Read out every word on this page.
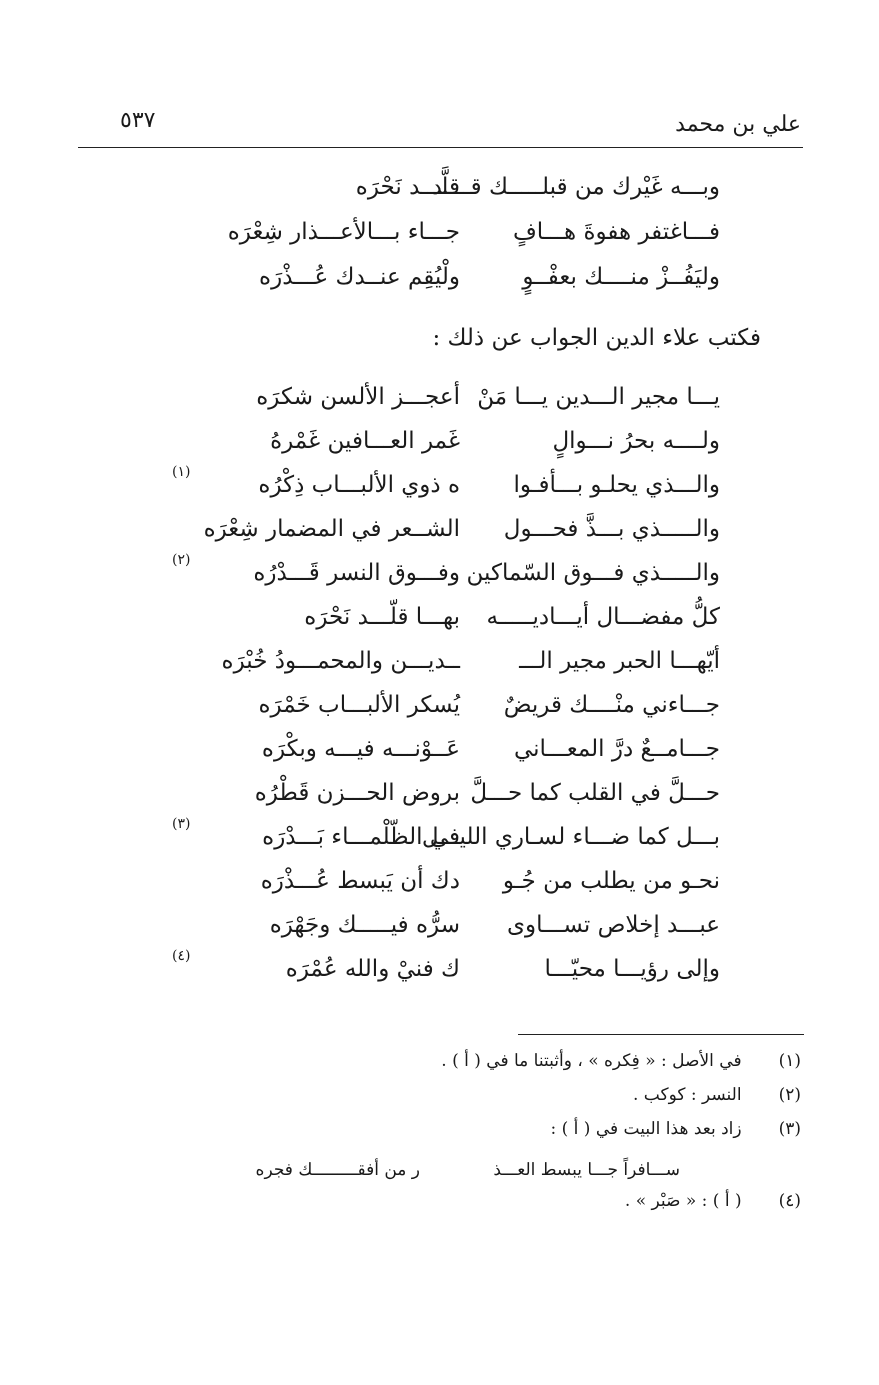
علي بن محمد
٥٣٧
وبـــه غَيْرك من قبلـــــك قــــد
قلَّـــد نَحْرَه
فـــاغتفر هفوةَ هـــافٍ
جـــاء بـــالأعـــذار شِعْرَه
وليَفُــزْ منــــك بعفْــوٍ
ولْيُقِم عنــدك عُـــذْرَه
فكتب علاء الدين الجواب عن ذلك :
يـــا مجير الـــدين يـــا مَنْ
أعجـــز الألسن شكرَه
ولــــه بحرُ نـــوالٍ
غَمر العـــافين غَمْرهُ
والـــذي يحلـو بـــأفـوا
ه ذوي الألبـــاب ذِكْرُه
(١)
والـــــذي بـــذَّ فحـــول
الشــعر في المضمار شِعْرَه
والـــــذي فـــوق السّماكين
وفـــوق النسر قَـــدْرُه
(٢)
كلُّ مفضـــال أيـــاديـــــه
بهـــا قلّـــد نَحْرَه
أيّهـــا الحبر مجير الـــ
ــديـــن والمحمـــودُ خُبْرَه
جـــاءني منْــــك قريضٌ
يُسكر الألبـــاب خَمْرَه
جـــامــعٌ درَّ المعـــاني
عَــوْنـــه فيـــه وبكْرَه
حـــلَّ في القلب كما حـــلَّ
بروض الحـــزن قَطْرُه
بـــل كما ضـــاء لسـاري الليـــل
في الظّلْمـــاء بَـــدْرَه
(٣)
نحـو من يطلب من جُـو
دك أن يَبسط عُـــذْرَه
عبـــد إخلاص تســـاوى
سرُّه فيـــــك وجَهْرَه
وإلى رؤيـــا محيّـــا
ك فنيْ والله عُمْرَه
(٤)
(١) في الأصل : « فِكره » ، وأثبتنا ما في ( أ ) .
(٢) النسر : كوكب .
(٣) زاد بعد هذا البيت في ( أ ) :
ســـافراً جـــا يبسط العـــذ
ر من أفقـــــــــك فجره
(٤) ( أ ) : « صَبْر » .
